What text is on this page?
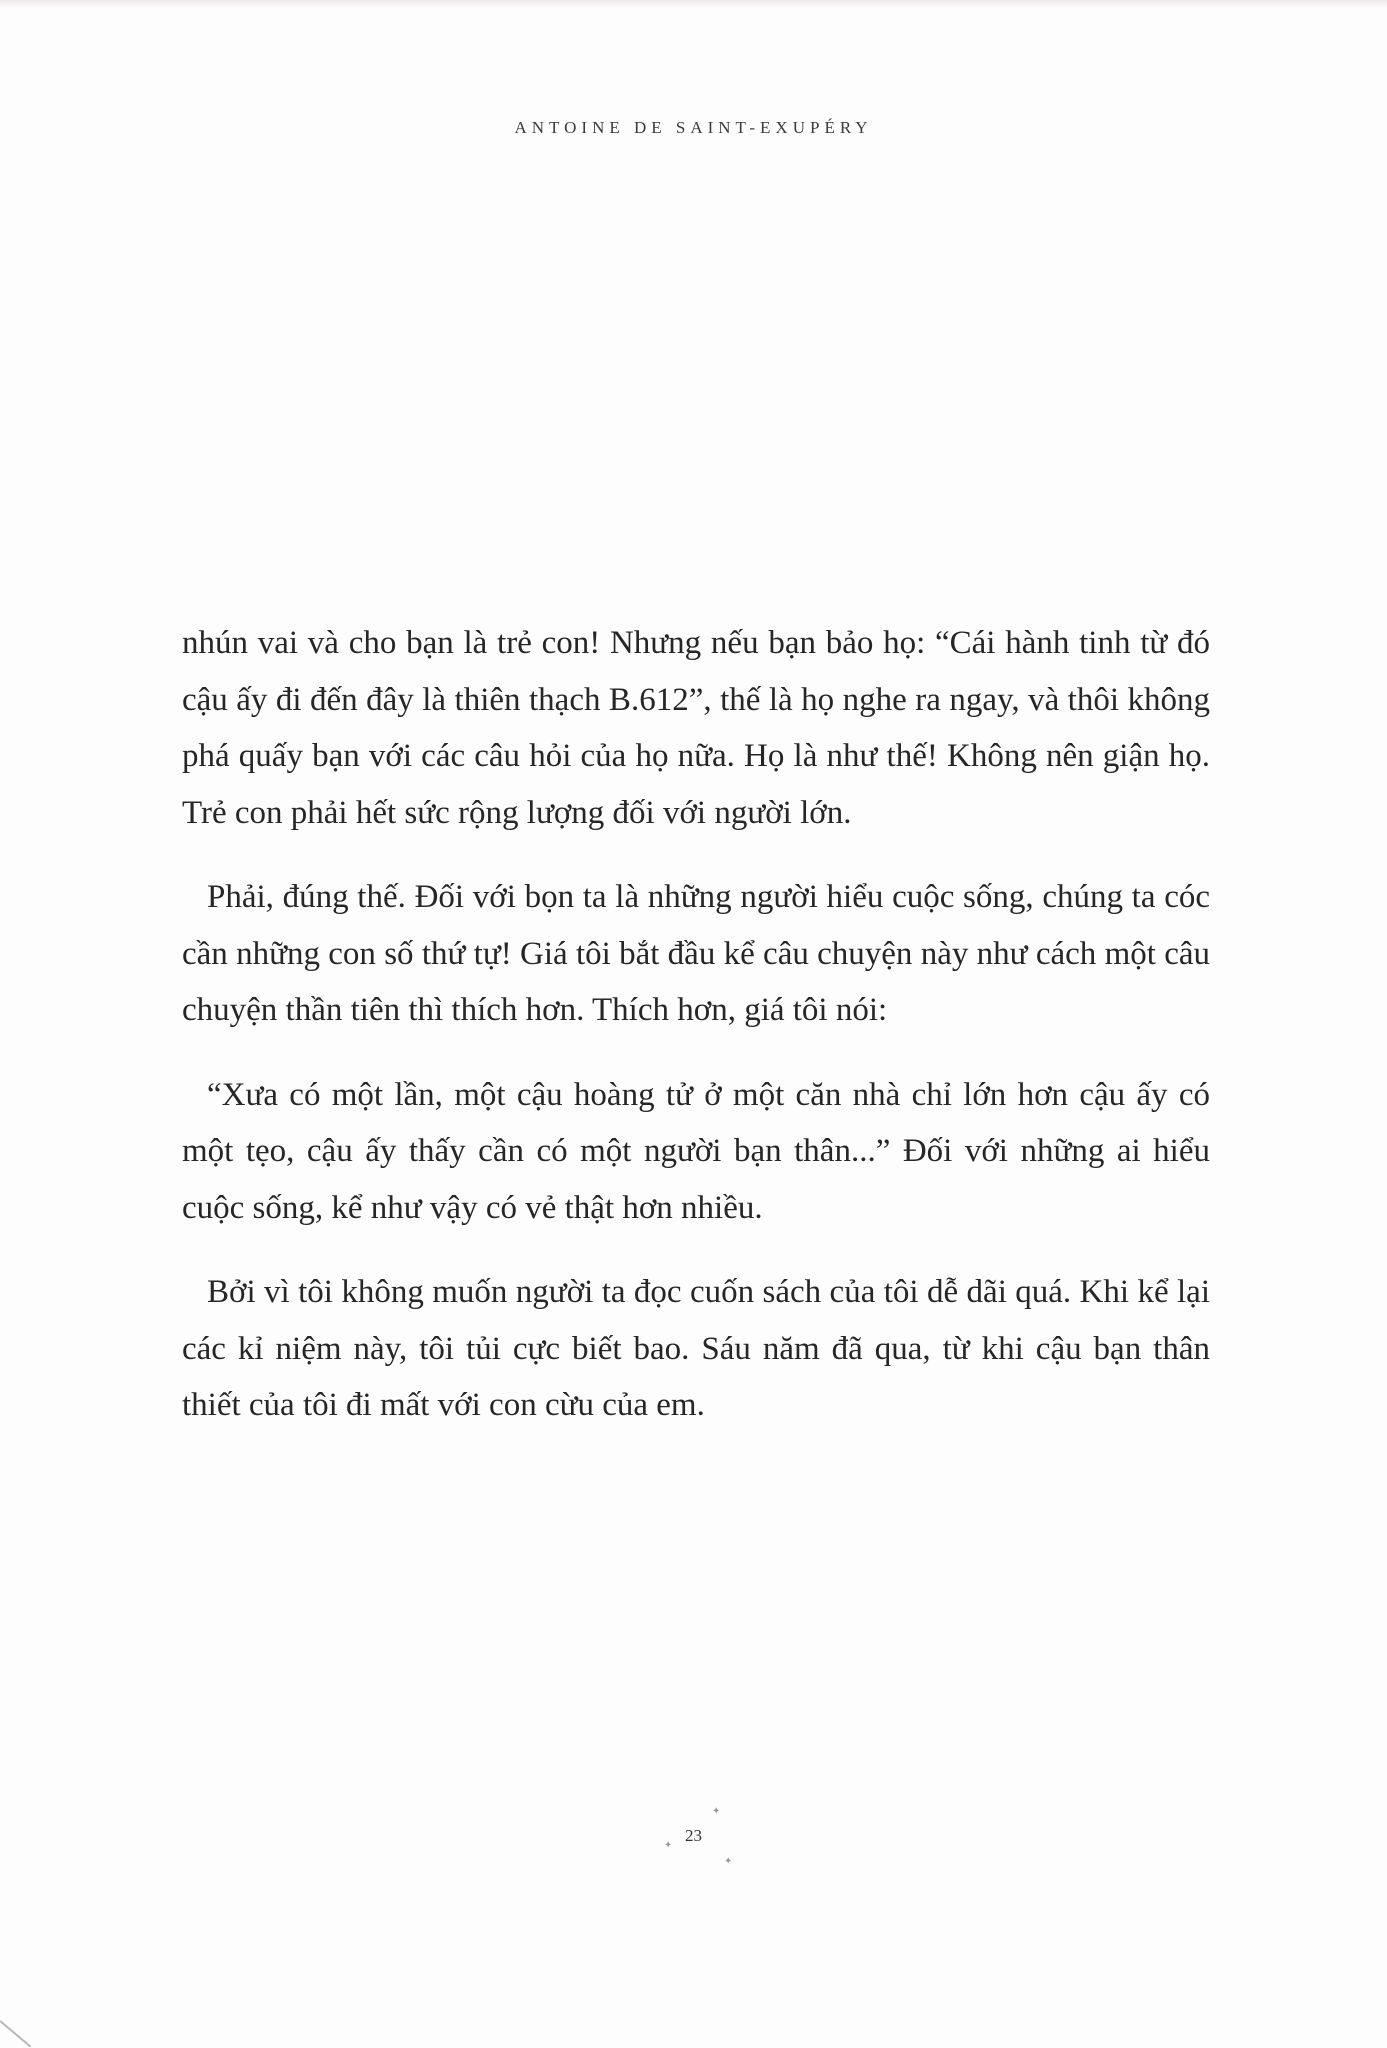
ANTOINE DE SAINT-EXUPÉRY

nhún vai và cho bạn là trẻ con! Nhưng nếu bạn bảo họ: “Cái hành tinh từ đó cậu ấy đi đến đây là thiên thạch B.612”, thế là họ nghe ra ngay, và thôi không phá quấy bạn với các câu hỏi của họ nữa. Họ là như thế! Không nên giận họ. Trẻ con phải hết sức rộng lượng đối với người lớn.

Phải, đúng thế. Đối với bọn ta là những người hiểu cuộc sống, chúng ta cóc cần những con số thứ tự! Giá tôi bắt đầu kể câu chuyện này như cách một câu chuyện thần tiên thì thích hơn. Thích hơn, giá tôi nói:

“Xưa có một lần, một cậu hoàng tử ở một căn nhà chỉ lớn hơn cậu ấy có một tẹo, cậu ấy thấy cần có một người bạn thân...” Đối với những ai hiểu cuộc sống, kể như vậy có vẻ thật hơn nhiều.

Bởi vì tôi không muốn người ta đọc cuốn sách của tôi dễ dãi quá. Khi kể lại các kỉ niệm này, tôi tủi cực biết bao. Sáu năm đã qua, từ khi cậu bạn thân thiết của tôi đi mất với con cừu của em.

✦
✦
✦
23
